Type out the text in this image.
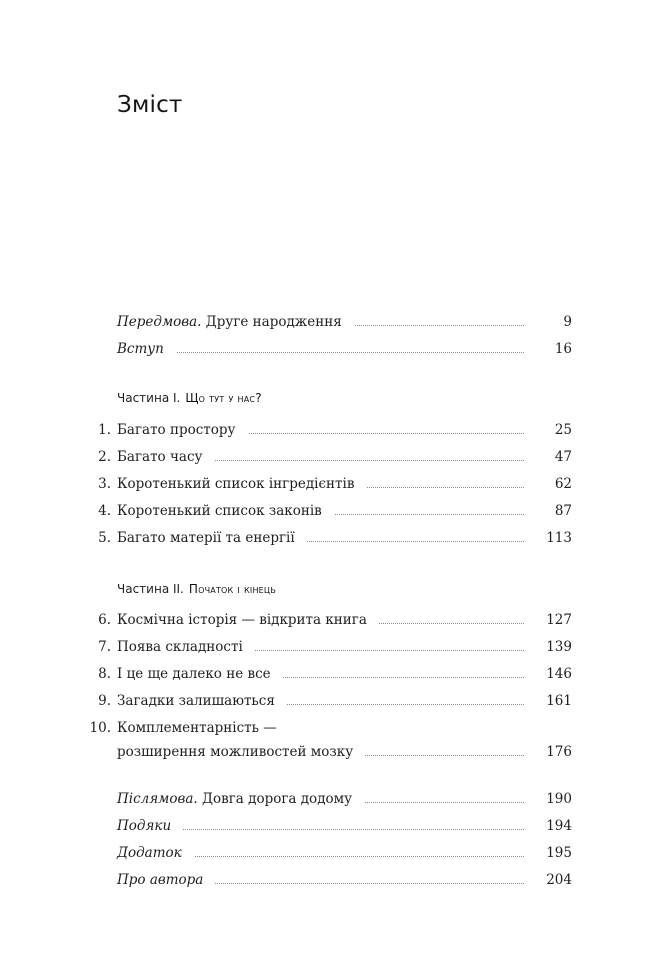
Зміст
Передмова. Друге народження	9
Вступ	16
Частина І. Що тут у нас?
1. Багато простору	25
2. Багато часу	47
3. Коротенький список інгредієнтів	62
4. Коротенький список законів	87
5. Багато матерії та енергії	113
Частина ІІ. Початок і кінець
6. Космічна історія — відкрита книга	127
7. Поява складності	139
8. І це ще далеко не все	146
9. Загадки залишаються	161
10. Комплементарність —
розширення можливостей мозку	176
Післямова. Довга дорога додому	190
Подяки	194
Додаток	195
Про автора	204
